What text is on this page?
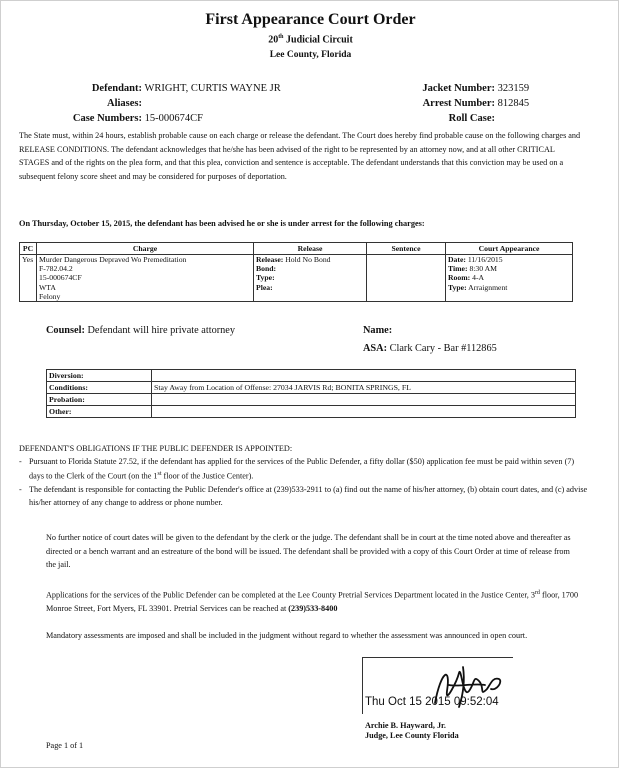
First Appearance Court Order
20th Judicial Circuit
Lee County, Florida
Defendant: WRIGHT, CURTIS WAYNE JR
Aliases:
Case Numbers: 15-000674CF
Jacket Number: 323159
Arrest Number: 812845
Roll Case:

The State must, within 24 hours, establish probable cause on each charge or release the defendant. The Court does hereby find probable cause on the following charges and RELEASE CONDITIONS. The defendant acknowledges that he/she has been advised of the right to be represented by an attorney now, and at all other CRITICAL STAGES and of the rights on the plea form, and that this plea, conviction and sentence is acceptable. The defendant understands that this conviction may be used on a subsequent felony score sheet and may be considered for purposes of deportation.

On Thursday, October 15, 2015, the defendant has been advised he or she is under arrest for the following charges:
PC	Charge	Release	Sentence	Court Appearance
Yes	Murder Dangerous Depraved Wo Premeditation
F-782.04.2
15-000674CF
WTA
Felony

Release: Hold No Bond
Bond:
Type:
Plea:

Date: 11/16/2015
Time: 8:30 AM
Room: 4-A
Type: Arraignment
Counsel: Defendant will hire private attorney	Name:
ASA: Clark Cary - Bar #112865
Diversion:	
Conditions:	Stay Away from Location of Offense: 27034 JARVIS Rd; BONITA SPRINGS, FL
Probation:	
Other:	
DEFENDANT'S OBLIGATIONS IF THE PUBLIC DEFENDER IS APPOINTED:
- Pursuant to Florida Statute 27.52, if the defendant has applied for the services of the Public Defender, a fifty dollar ($50) application fee must be paid within seven (7) days to the Clerk of the Court (on the 1st floor of the Justice Center).
- The defendant is responsible for contacting the Public Defender's office at (239)533-2911 to (a) find out the name of his/her attorney, (b) obtain court dates, and (c) advise his/her attorney of any change to address or phone number.

No further notice of court dates will be given to the defendant by the clerk or the judge. The defendant shall be in court at the time noted above and thereafter as directed or a bench warrant and an estreature of the bond will be issued. The defendant shall be provided with a copy of this Court Order at time of release from the jail.

Applications for the services of the Public Defender can be completed at the Lee County Pretrial Services Department located in the Justice Center, 3rd floor, 1700 Monroe Street, Fort Myers, FL 33901. Pretrial Services can be reached at (239)533-8400

Mandatory assessments are imposed and shall be included in the judgment without regard to whether the assessment was announced in open court.

Thu Oct 15 2015 09:52:04
Archie B. Hayward, Jr.
Judge, Lee County Florida
Page 1 of 1
